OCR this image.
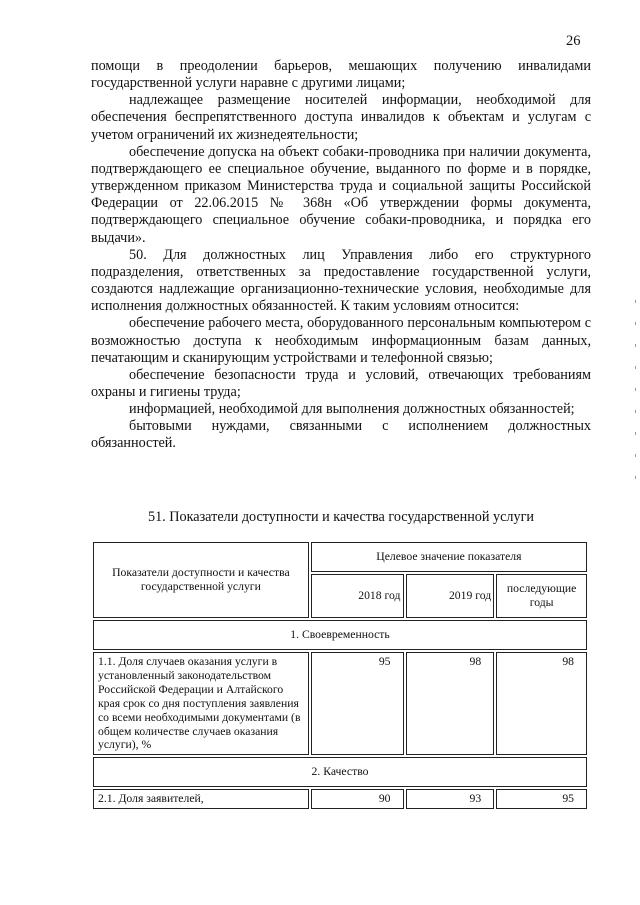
26

помощи в преодолении барьеров, мешающих получению инвалидами государственной услуги наравне с другими лицами;

надлежащее размещение носителей информации, необходимой для обеспечения беспрепятственного доступа инвалидов к объектам и услугам с учетом ограничений их жизнедеятельности;

обеспечение допуска на объект собаки-проводника при наличии документа, подтверждающего ее специальное обучение, выданного по форме и в порядке, утвержденном приказом Министерства труда и социальной защиты Российской Федерации от 22.06.2015 № 368н «Об утверждении формы документа, подтверждающего специальное обучение собаки-проводника, и порядка его выдачи».

50. Для должностных лиц Управления либо его структурного подразделения, ответственных за предоставление государственной услуги, создаются надлежащие организационно-технические условия, необходимые для исполнения должностных обязанностей. К таким условиям относится:

обеспечение рабочего места, оборудованного персональным компьютером с возможностью доступа к необходимым информационным базам данных, печатающим и сканирующим устройствами и телефонной связью;

обеспечение безопасности труда и условий, отвечающих требованиям охраны и гигиены труда;

информацией, необходимой для выполнения должностных обязанностей;

бытовыми нуждами, связанными с исполнением должностных обязанностей.

51. Показатели доступности и качества государственной услуги
Показатели доступности и качества государственной услуги	Целевое значение показателя		
	2018 год	2019 год	последующие годы
1. Своевременность			
1.1. Доля случаев оказания услуги в установленный законодательством Российской Федерации и Алтайского края срок со дня поступления заявления со всеми необходимыми документами (в общем количестве случаев оказания услуги), %	95	98	98
2. Качество			
2.1. Доля заявителей,	90	93	95
